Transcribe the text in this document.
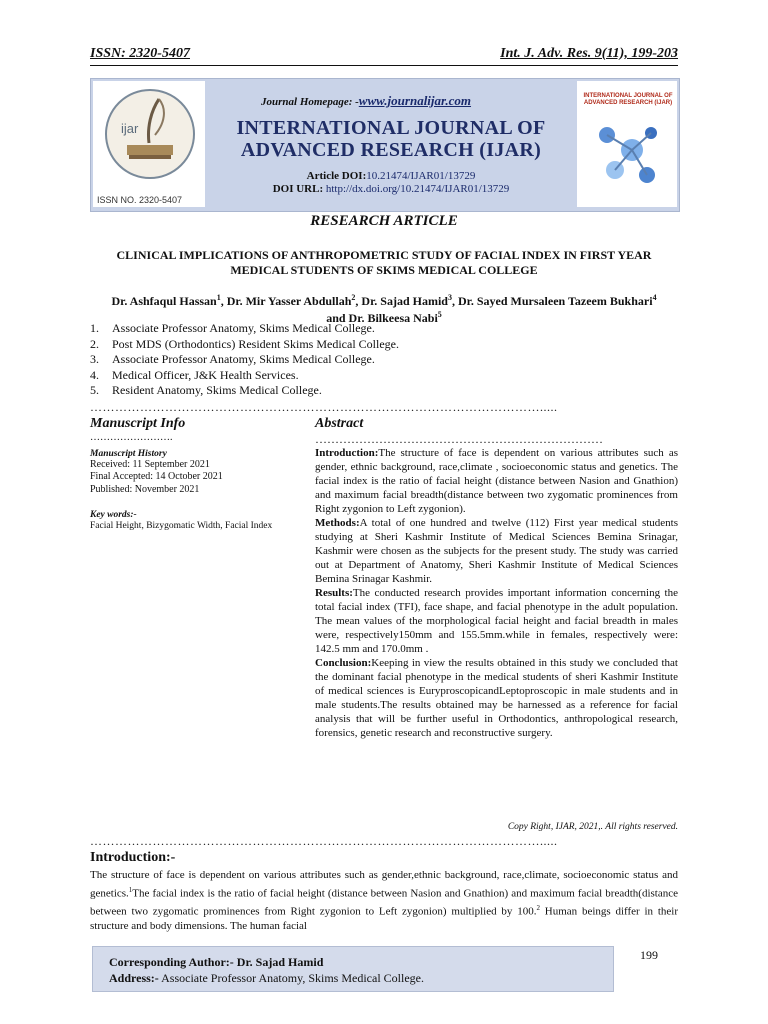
ISSN: 2320-5407	Int. J. Adv. Res. 9(11), 199-203
ijar
ISSN NO. 2320-5407
Journal Homepage: -www.journalijar.com
INTERNATIONAL JOURNAL OF
ADVANCED RESEARCH (IJAR)
Article DOI:10.21474/IJAR01/13729
DOI URL: http://dx.doi.org/10.21474/IJAR01/13729
INTERNATIONAL JOURNAL OF ADVANCED RESEARCH (IJAR)
RESEARCH ARTICLE
CLINICAL IMPLICATIONS OF ANTHROPOMETRIC STUDY OF FACIAL INDEX IN FIRST YEAR
MEDICAL STUDENTS OF SKIMS MEDICAL COLLEGE
Dr. Ashfaqul Hassan$^1$, Dr. Mir Yasser Abdullah$^2$, Dr. Sajad Hamid$^3$, Dr. Sayed Mursaleen Tazeem Bukhari$^4$
and Dr. Bilkeesa Nabi$^5$
1.	Associate Professor Anatomy, Skims Medical College.
2.	Post MDS (Orthodontics) Resident Skims Medical College.
3.	Associate Professor Anatomy, Skims Medical College.
4.	Medical Officer, J&K Health Services.
5.	Resident Anatomy, Skims Medical College.
……………………………………………………………………………………………….....
Manuscript Info
…………………….
Manuscript History
Received: 11 September 2021
Final Accepted: 14 October 2021
Published: November 2021
Key words:-
Facial Height, Bizygomatic Width, Facial Index
Abstract
………………………………………………………………

Introduction:The structure of face is dependent on various attributes such as gender, ethnic background, race,climate , socioeconomic status and genetics. The facial index is the ratio of facial height (distance between Nasion and Gnathion) and maximum facial breadth(distance between two zygomatic prominences from Right zygonion to Left zygonion).

Methods:A total of one hundred and twelve (112) First year medical students studying at Sheri Kashmir Institute of Medical Sciences Bemina Srinagar, Kashmir were chosen as the subjects for the present study. The study was carried out at Department of Anatomy, Sheri Kashmir Institute of Medical Sciences Bemina Srinagar Kashmir.

Results:The conducted research provides important information concerning the total facial index (TFI), face shape, and facial phenotype in the adult population. The mean values of the morphological facial height and facial breadth in males were, respectively150mm and 155.5mm.while in females, respectively were: 142.5 mm and 170.0mm .

Conclusion:Keeping in view the results obtained in this study we concluded that the dominant facial phenotype in the medical students of sheri Kashmir Institute of medical sciences is EuryproscopicandLeptoproscopic in male students and in male students.The results obtained may be harnessed as a reference for facial analysis that will be further useful in Orthodontics, anthropological research, forensics, genetic research and reconstructive surgery.

Copy Right, IJAR, 2021,. All rights reserved.
……………………………………………………………………………………………….....
Introduction:-
The structure of face is dependent on various attributes such as gender,ethnic background, race,climate, socioeconomic status and genetics.$^1$The facial index is the ratio of facial height (distance between Nasion and Gnathion) and maximum facial breadth(distance between two zygomatic prominences from Right zygonion to Left zygonion) multiplied by 100.$^2$ Human beings differ in their structure and body dimensions. The human facial
Corresponding Author:- Dr. Sajad Hamid
Address:- Associate Professor Anatomy, Skims Medical College.
199
